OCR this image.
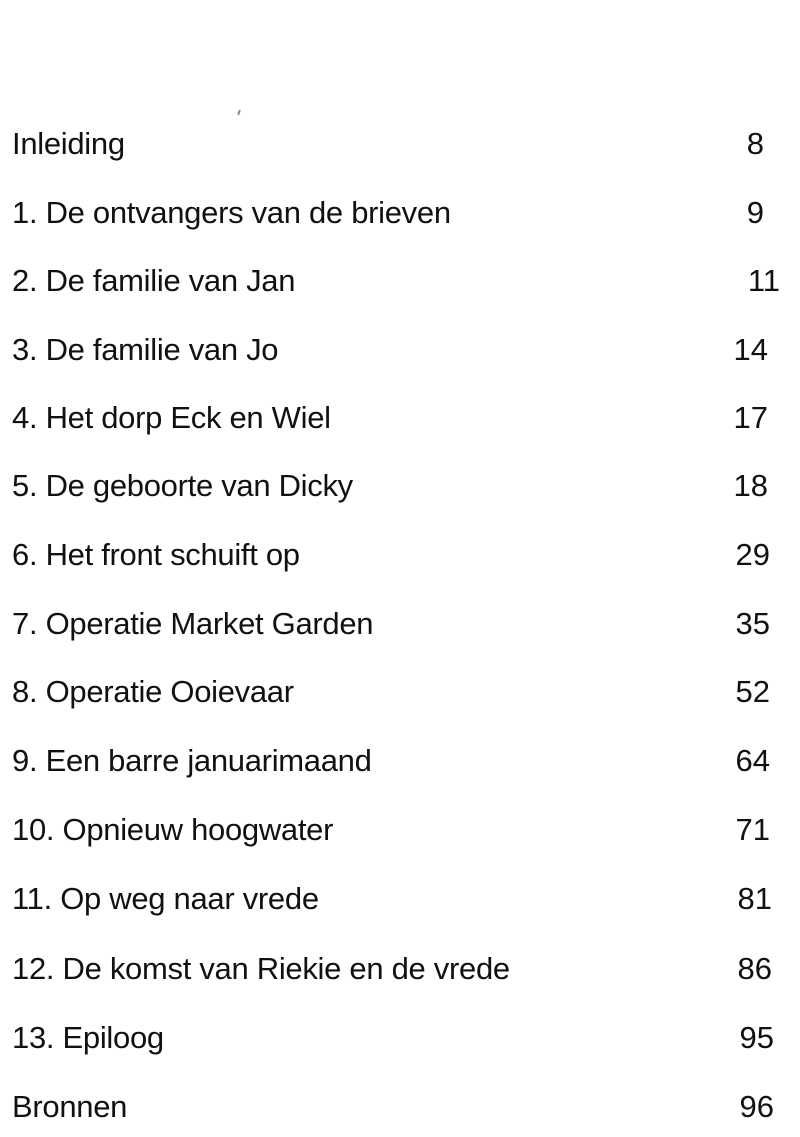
Inleiding	8
1. De ontvangers van de brieven	9
2. De familie van Jan	11
3. De familie van Jo	14
4. Het dorp Eck en Wiel	17
5. De geboorte van Dicky	18
6. Het front schuift op	29
7. Operatie Market Garden	35
8. Operatie Ooievaar	52
9. Een barre januarimaand	64
10. Opnieuw hoogwater	71
11. Op weg naar vrede	81
12. De komst van Riekie en de vrede	86
13. Epiloog	95
Bronnen	96
